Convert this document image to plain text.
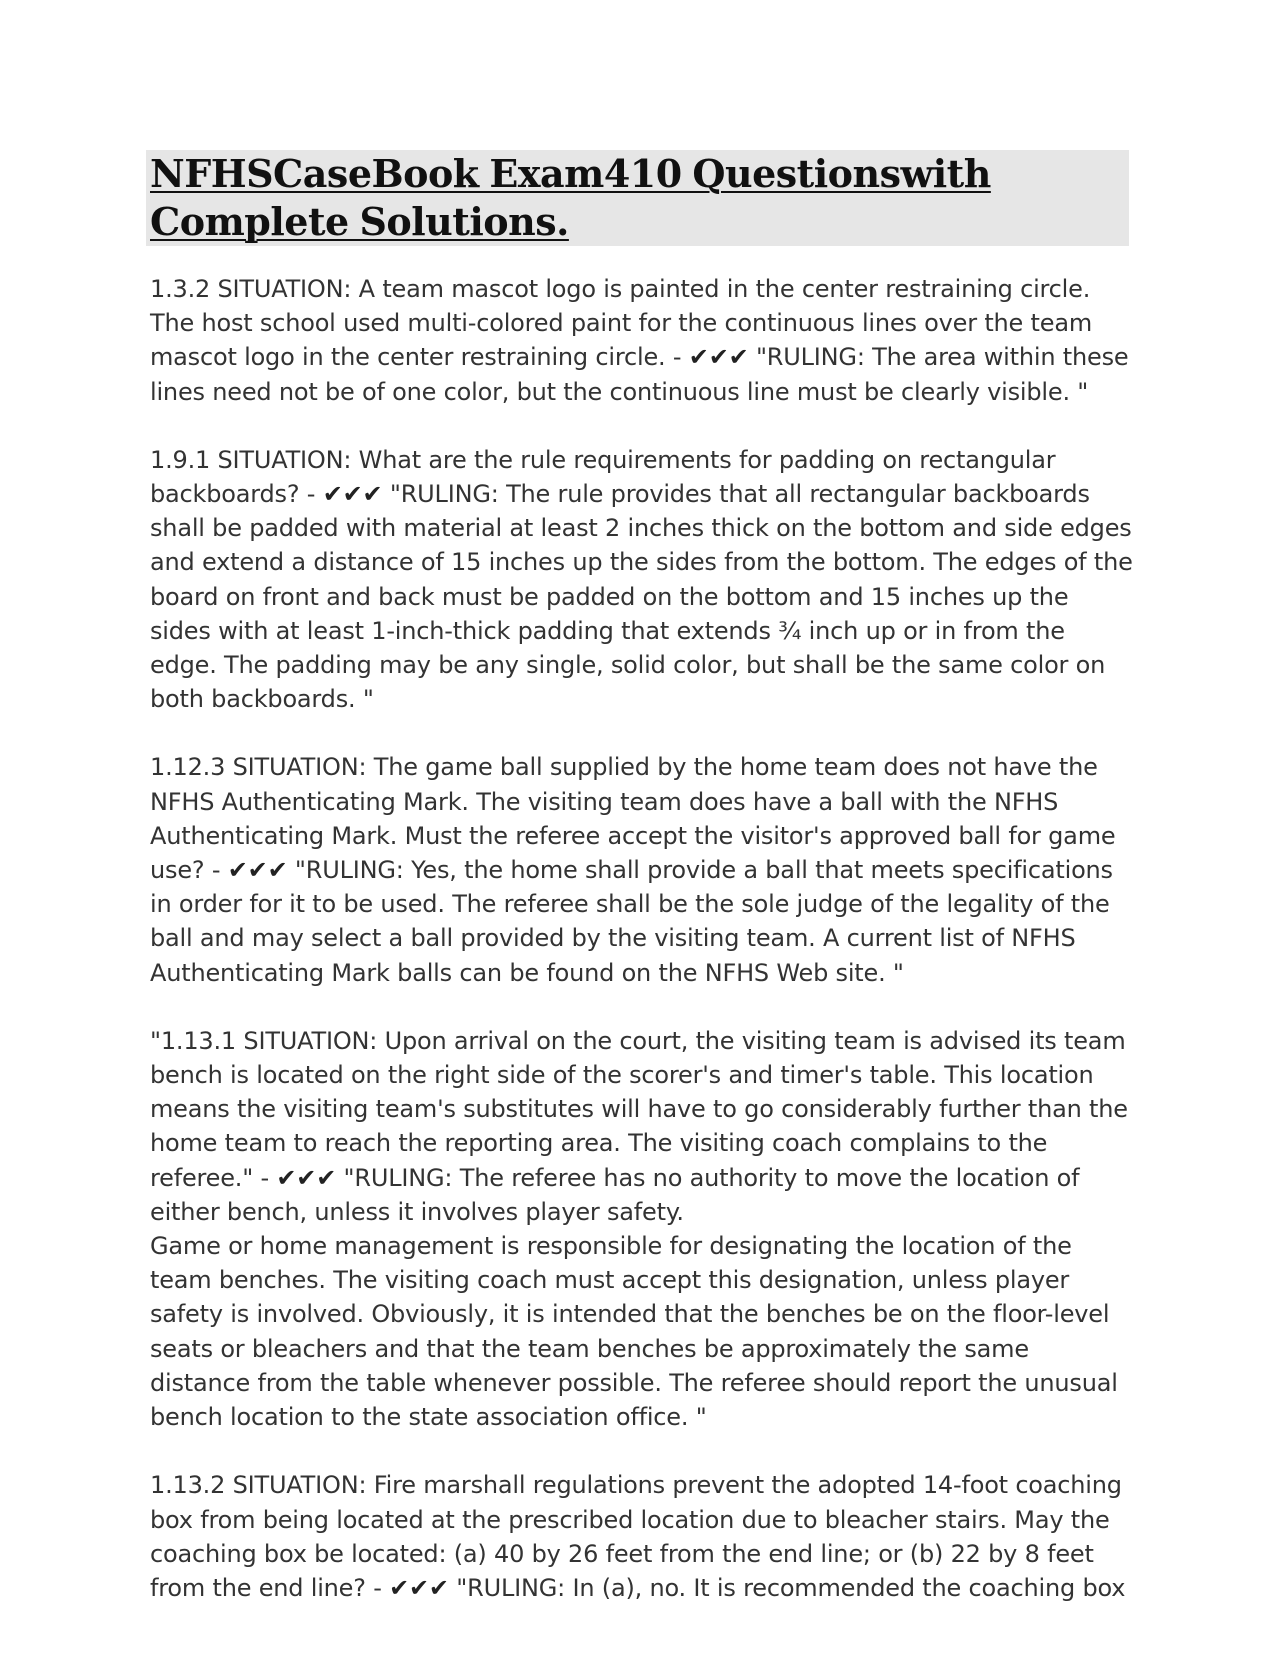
NFHSCaseBook Exam410 Questionswith Complete Solutions.

1.3.2 SITUATION: A team mascot logo is painted in the center restraining circle. The host school used multi-colored paint for the continuous lines over the team mascot logo in the center restraining circle. - ✔✔✔ "RULING: The area within these lines need not be of one color, but the continuous line must be clearly visible. "

1.9.1 SITUATION: What are the rule requirements for padding on rectangular backboards? - ✔✔✔ "RULING: The rule provides that all rectangular backboards shall be padded with material at least 2 inches thick on the bottom and side edges and extend a distance of 15 inches up the sides from the bottom. The edges of the board on front and back must be padded on the bottom and 15 inches up the sides with at least 1-inch-thick padding that extends ¾ inch up or in from the edge. The padding may be any single, solid color, but shall be the same color on both backboards. "

1.12.3 SITUATION: The game ball supplied by the home team does not have the NFHS Authenticating Mark. The visiting team does have a ball with the NFHS Authenticating Mark. Must the referee accept the visitor's approved ball for game use? - ✔✔✔ "RULING: Yes, the home shall provide a ball that meets specifications in order for it to be used. The referee shall be the sole judge of the legality of the ball and may select a ball provided by the visiting team. A current list of NFHS Authenticating Mark balls can be found on the NFHS Web site. "

"1.13.1 SITUATION: Upon arrival on the court, the visiting team is advised its team bench is located on the right side of the scorer's and timer's table. This location means the visiting team's substitutes will have to go considerably further than the home team to reach the reporting area. The visiting coach complains to the referee." - ✔✔✔ "RULING: The referee has no authority to move the location of either bench, unless it involves player safety.

Game or home management is responsible for designating the location of the team benches. The visiting coach must accept this designation, unless player safety is involved. Obviously, it is intended that the benches be on the floor-level seats or bleachers and that the team benches be approximately the same distance from the table whenever possible. The referee should report the unusual bench location to the state association office. "

1.13.2 SITUATION: Fire marshall regulations prevent the adopted 14-foot coaching box from being located at the prescribed location due to bleacher stairs. May the coaching box be located: (a) 40 by 26 feet from the end line; or (b) 22 by 8 feet from the end line? - ✔✔✔ "RULING: In (a), no. It is recommended the coaching box
